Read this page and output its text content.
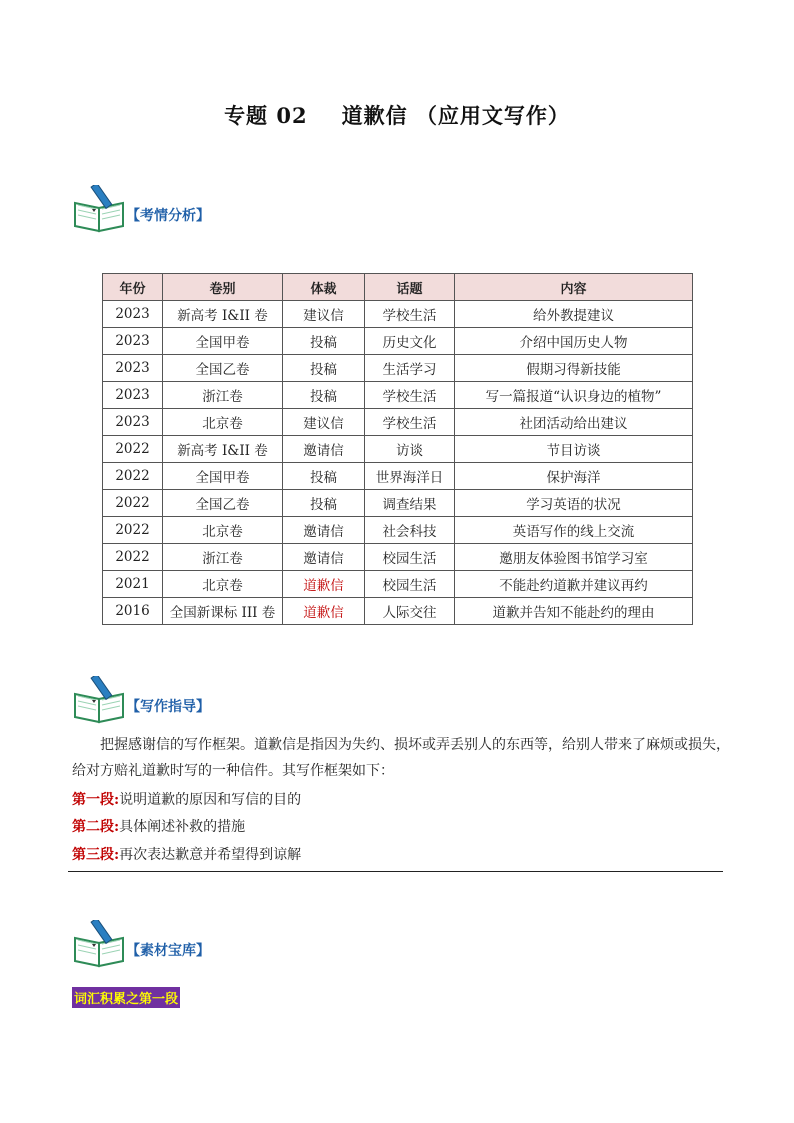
专题 02 道歉信 （应用文写作）
【考情分析】
年份	卷别	体裁	话题	内容
2023	新高考 I&II 卷	建议信	学校生活	给外教提建议
2023	全国甲卷	投稿	历史文化	介绍中国历史人物
2023	全国乙卷	投稿	生活学习	假期习得新技能
2023	浙江卷	投稿	学校生活	写一篇报道“认识身边的植物”
2023	北京卷	建议信	学校生活	社团活动给出建议
2022	新高考 I&II 卷	邀请信	访谈	节目访谈
2022	全国甲卷	投稿	世界海洋日	保护海洋
2022	全国乙卷	投稿	调查结果	学习英语的状况
2022	北京卷	邀请信	社会科技	英语写作的线上交流
2022	浙江卷	邀请信	校园生活	邀朋友体验图书馆学习室
2021	北京卷	道歉信	校园生活	不能赴约道歉并建议再约
2016	全国新课标 III 卷	道歉信	人际交往	道歉并告知不能赴约的理由
【写作指导】
把握感谢信的写作框架。道歉信是指因为失约、损坏或弄丢别人的东西等，给别人带来了麻烦或损失，给对方赔礼道歉时写的一种信件。其写作框架如下：
第一段:说明道歉的原因和写信的目的
第二段:具体阐述补救的措施
第三段:再次表达歉意并希望得到谅解
【素材宝库】
词汇积累之第一段
